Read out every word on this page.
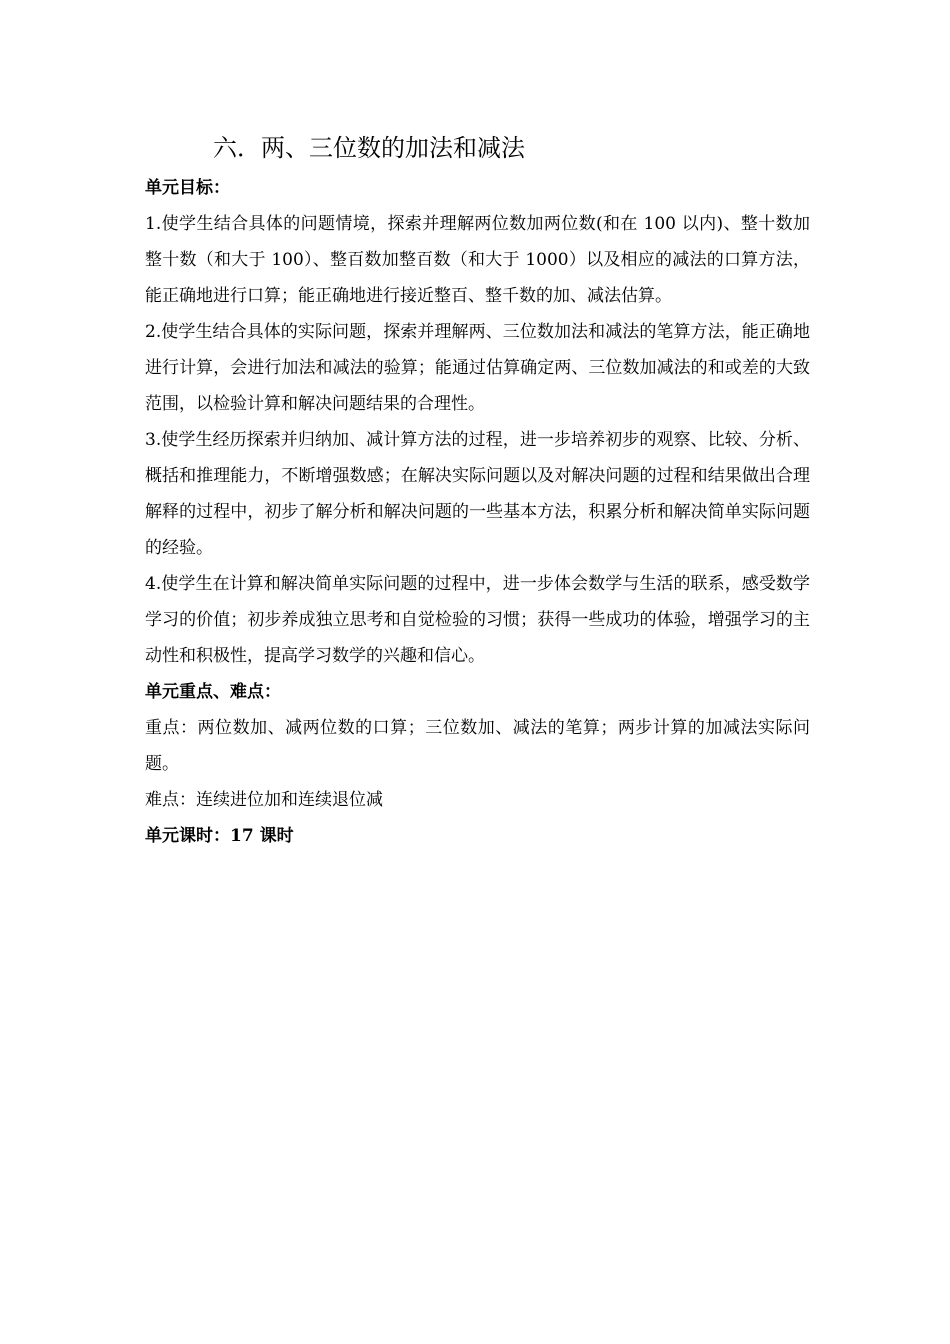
六．两、三位数的加法和减法
单元目标：

1.使学生结合具体的问题情境，探索并理解两位数加两位数(和在 100 以内)、整十数加整十数（和大于 100）、整百数加整百数（和大于 1000）以及相应的减法的口算方法，能正确地进行口算；能正确地进行接近整百、整千数的加、减法估算。

2.使学生结合具体的实际问题，探索并理解两、三位数加法和减法的笔算方法，能正确地进行计算，会进行加法和减法的验算；能通过估算确定两、三位数加减法的和或差的大致范围，以检验计算和解决问题结果的合理性。

3.使学生经历探索并归纳加、减计算方法的过程，进一步培养初步的观察、比较、分析、概括和推理能力，不断增强数感；在解决实际问题以及对解决问题的过程和结果做出合理解释的过程中，初步了解分析和解决问题的一些基本方法，积累分析和解决简单实际问题的经验。

4.使学生在计算和解决简单实际问题的过程中，进一步体会数学与生活的联系，感受数学学习的价值；初步养成独立思考和自觉检验的习惯；获得一些成功的体验，增强学习的主动性和积极性，提高学习数学的兴趣和信心。

单元重点、难点：

重点：两位数加、减两位数的口算；三位数加、减法的笔算；两步计算的加减法实际问题。

难点：连续进位加和连续退位减

单元课时：17 课时
